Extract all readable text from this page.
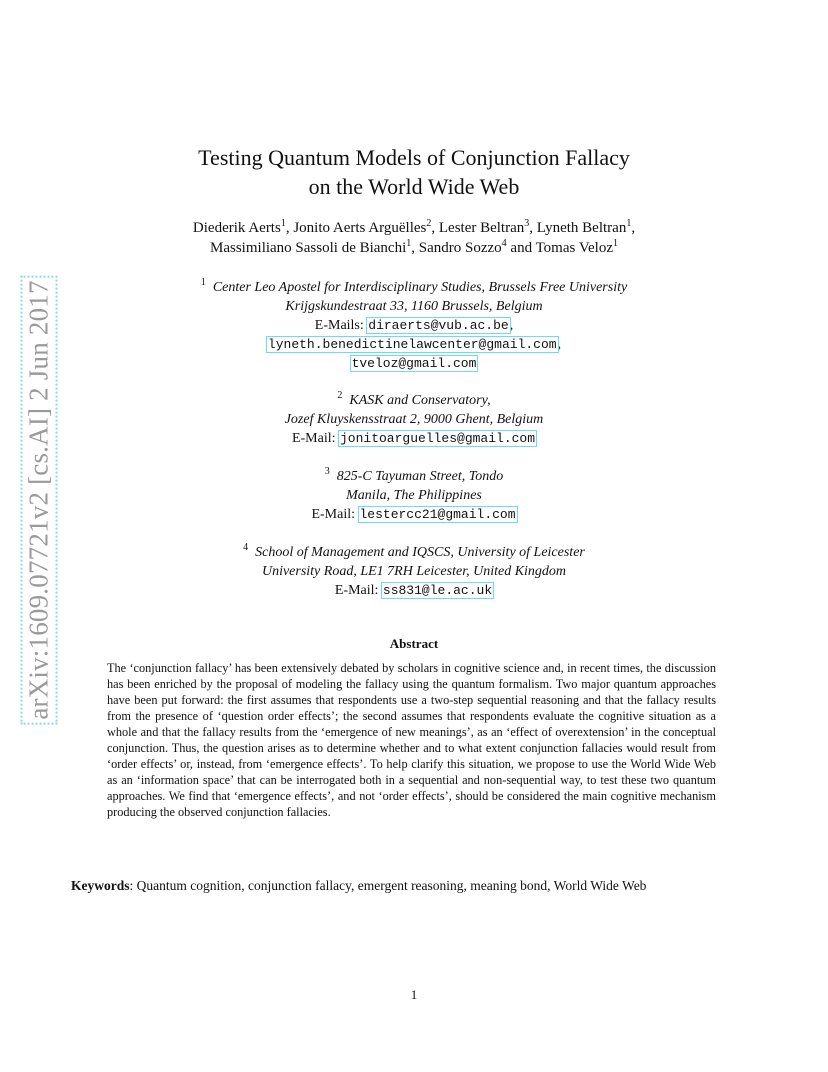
arXiv:1609.07721v2 [cs.AI] 2 Jun 2017
Testing Quantum Models of Conjunction Fallacy
on the World Wide Web
Diederik Aerts$^1$, Jonito Aerts Arguëlles$^2$, Lester Beltran$^3$, Lyneth Beltran$^1$,
Massimiliano Sassoli de Bianchi$^1$, Sandro Sozzo$^4$ and Tomas Veloz$^1$
$^1$ Center Leo Apostel for Interdisciplinary Studies, Brussels Free University
Krijgskundestraat 33, 1160 Brussels, Belgium
E-Mails: diraerts@vub.ac.be,
lyneth.benedictinelawcenter@gmail.com,
tveloz@gmail.com
$^2$ KASK and Conservatory,
Jozef Kluyskensstraat 2, 9000 Ghent, Belgium
E-Mail: jonitoarguelles@gmail.com
$^3$ 825-C Tayuman Street, Tondo
Manila, The Philippines
E-Mail: lestercc21@gmail.com
$^4$ School of Management and IQSCS, University of Leicester
University Road, LE1 7RH Leicester, United Kingdom
E-Mail: ss831@le.ac.uk
Abstract
The ‘conjunction fallacy’ has been extensively debated by scholars in cognitive science and, in recent times, the discussion has been enriched by the proposal of modeling the fallacy using the quantum formalism. Two major quantum approaches have been put forward: the first assumes that respondents use a two-step sequential reasoning and that the fallacy results from the presence of ‘question order effects’; the second assumes that respondents evaluate the cognitive situation as a whole and that the fallacy results from the ‘emergence of new meanings’, as an ‘effect of overextension’ in the conceptual conjunction. Thus, the question arises as to determine whether and to what extent conjunction fallacies would result from ‘order effects’ or, instead, from ‘emergence effects’. To help clarify this situation, we propose to use the World Wide Web as an ‘information space’ that can be interrogated both in a sequential and non-sequential way, to test these two quantum approaches. We find that ‘emergence effects’, and not ‘order effects’, should be considered the main cognitive mechanism producing the observed conjunction fallacies.
Keywords: Quantum cognition, conjunction fallacy, emergent reasoning, meaning bond, World Wide Web
1
